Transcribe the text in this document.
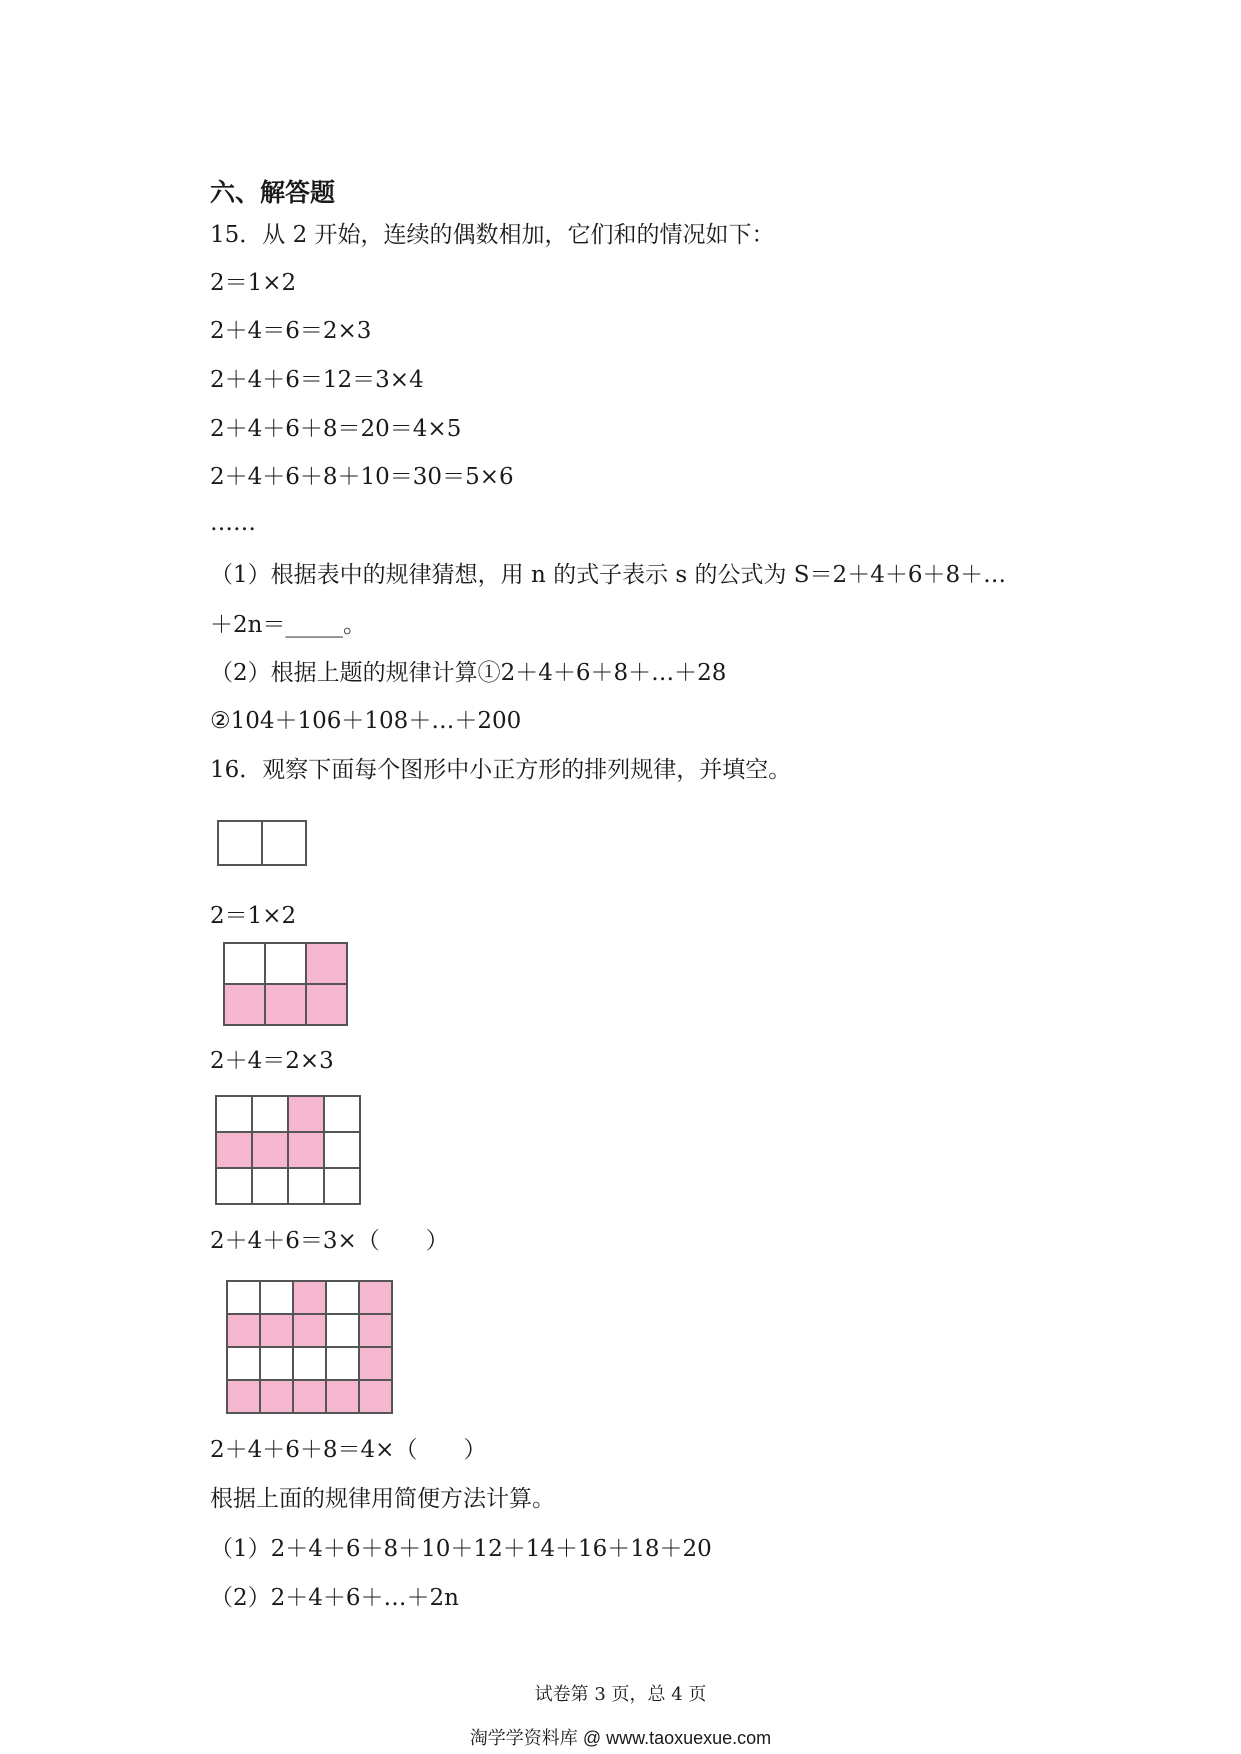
六、解答题
15．从 2 开始，连续的偶数相加，它们和的情况如下：
2＝1×2
2＋4＝6＝2×3
2＋4＋6＝12＝3×4
2＋4＋6＋8＝20＝4×5
2＋4＋6＋8＋10＝30＝5×6
……
（1）根据表中的规律猜想，用 n 的式子表示 s 的公式为 S＝2＋4＋6＋8＋…
＋2n＝_____。
（2）根据上题的规律计算①2＋4＋6＋8＋…＋28
②104＋106＋108＋…＋200
16．观察下面每个图形中小正方形的排列规律，并填空。
2＝1×2
2＋4＝2×3
2＋4＋6＝3×（　　）
2＋4＋6＋8＝4×（　　）
根据上面的规律用简便方法计算。
（1）2＋4＋6＋8＋10＋12＋14＋16＋18＋20
（2）2＋4＋6＋…＋2n
试卷第 3 页，总 4 页
淘学学资料库 @ www.taoxuexue.com
